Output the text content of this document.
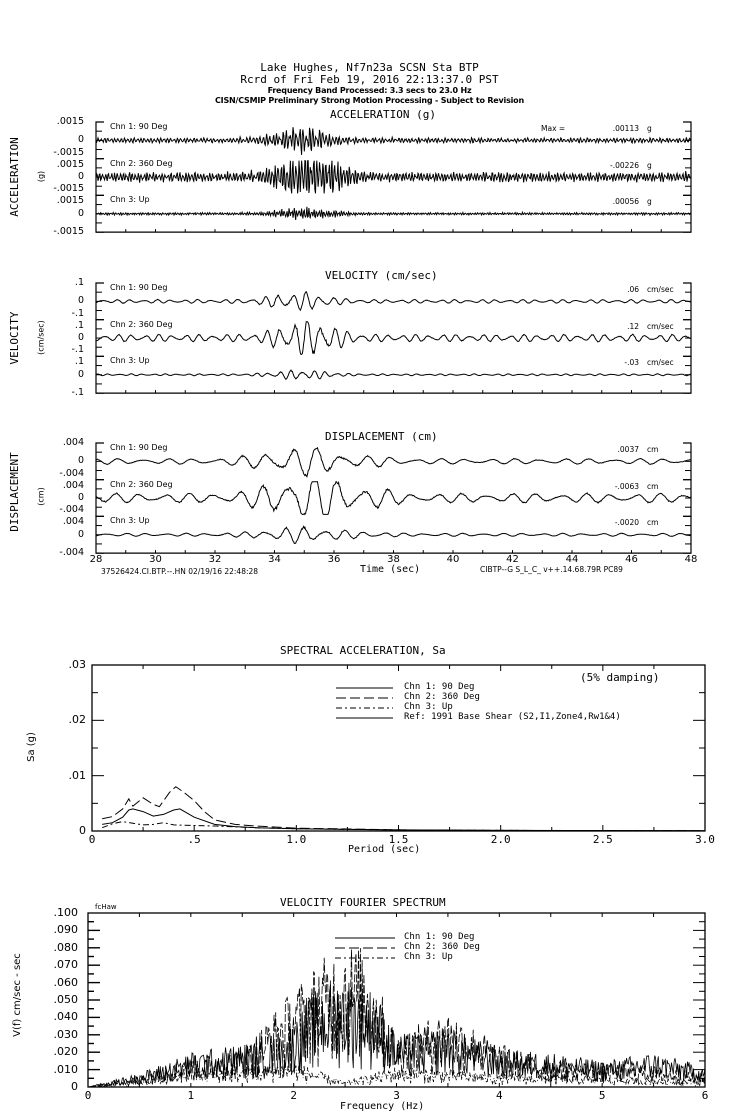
Lake Hughes, Nf7n23a SCSN Sta BTP
Rcrd of Fri Feb 19, 2016 22:13:37.0 PST
Frequency Band Processed: 3.3 secs to 23.0 Hz
CISN/CSMIP Preliminary Strong Motion Processing - Subject to Revision
ACCELERATION (g)
VELOCITY (cm/sec)
DISPLACEMENT (cm)
ACCELERATION (g)
VELOCITY (cm/sec)
DISPLACEMENT (cm)
.0015
0
-.0015
Chn 1: 90 Deg	Max =	.00113 g
.0015
0
-.0015
Chn 2: 360 Deg	-.00226 g
.0015
0
-.0015
Chn 3: Up	.00056 g
.1
0
-.1
Chn 1: 90 Deg	.06 cm/sec
.1
0
-.1
Chn 2: 360 Deg	.12 cm/sec
.1
0
-.1
Chn 3: Up	-.03 cm/sec
.004
0
-.004
Chn 1: 90 Deg	.0037 cm
.004
0
-.004
Chn 2: 360 Deg	-.0063 cm
.004
0
-.004
Chn 3: Up	-.0020 cm
28	30	32	34	36	38	40	42	44	46	48
0	.5	1.0	1.5	2.0	2.5	3.0
0
.01
.02
.03
0	1	2	3	4	5	6
0
.010
.020
.030
.040
.050
.060
.070
.080
.090
.100
Time (sec)
37526424.CI.BTP.--.HN 02/19/16 22:48:28	CIBTP--G S_L_C_ v++.14.68.79R PC89
SPECTRAL ACCELERATION, Sa
(5% damping)
Sa (g)
Period (sec)
Chn 1: 90 Deg
Chn 2: 360 Deg
Chn 3: Up
Ref: 1991 Base Shear (S2,I1,Zone4,Rw1&4)
VELOCITY FOURIER SPECTRUM
fcHaw
V(f) cm/sec - sec
Frequency (Hz)
Chn 1: 90 Deg
Chn 2: 360 Deg
Chn 3: Up
